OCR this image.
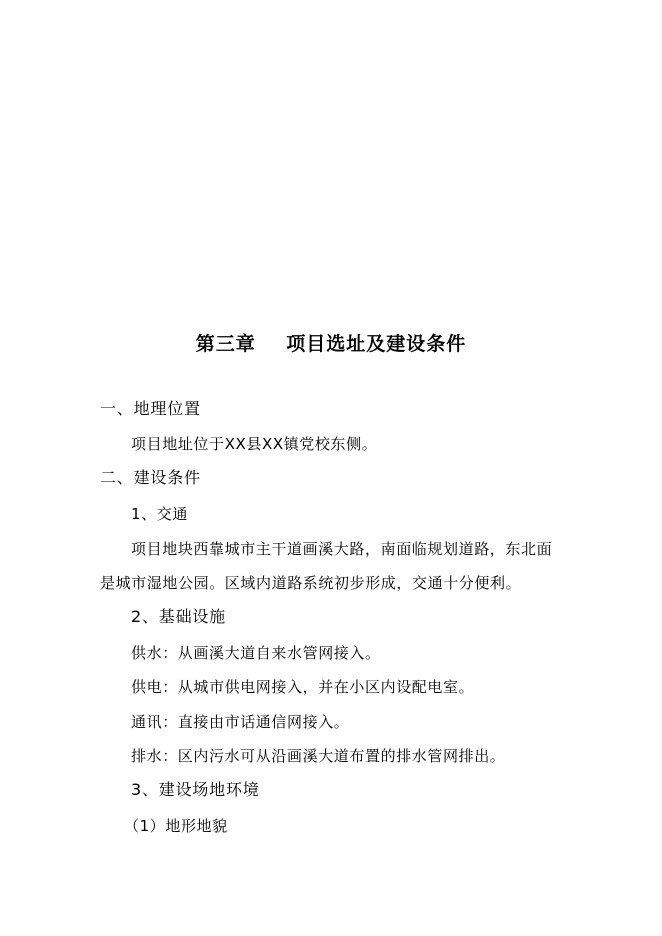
第三章    项目选址及建设条件
一、地理位置
项目地址位于XX县XX镇党校东侧。
二、建设条件
1、交通
项目地块西靠城市主干道画溪大路，南面临规划道路，东北面
是城市湿地公园。区域内道路系统初步形成，交通十分便利。
2、基础设施
供水：从画溪大道自来水管网接入。
供电：从城市供电网接入，并在小区内设配电室。
通讯：直接由市话通信网接入。
排水：区内污水可从沿画溪大道布置的排水管网排出。
3、建设场地环境
（1）地形地貌
